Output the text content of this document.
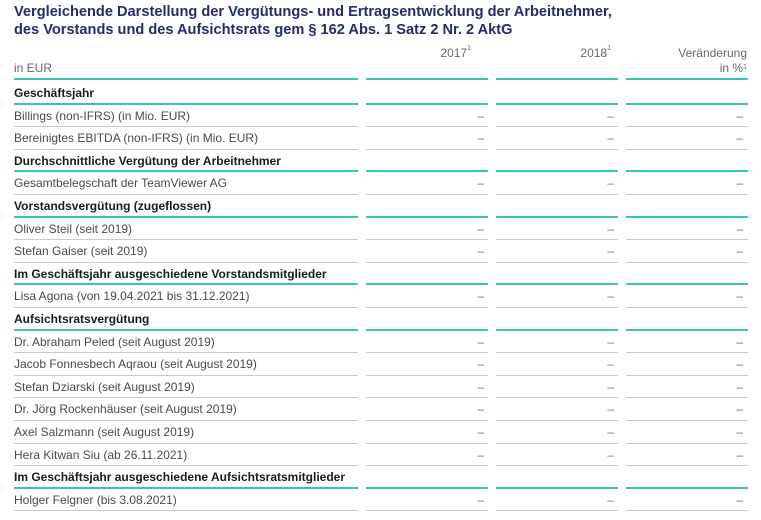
Vergleichende Darstellung der Vergütungs- und Ertragsentwicklung der Arbeitnehmer,
des Vorstands und des Aufsichtsrats gem § 162 Abs. 1 Satz 2 Nr. 2 AktG
in EUR
2017$^1$	2018$^1$	Veränderung
in %$^1$
Geschäftsjahr
Billings (non-IFRS) (in Mio. EUR)	–	–	–
Bereinigtes EBITDA (non-IFRS) (in Mio. EUR)	–	–	–
Durchschnittliche Vergütung der Arbeitnehmer
Gesamtbelegschaft der TeamViewer AG	–	–	–
Vorstandsvergütung (zugeflossen)
Oliver Steil (seit 2019)	–	–	–
Stefan Gaiser (seit 2019)	–	–	–
Im Geschäftsjahr ausgeschiedene Vorstandsmitglieder
Lisa Agona (von 19.04.2021 bis 31.12.2021)	–	–	–
Aufsichtsratsvergütung
Dr. Abraham Peled (seit August 2019)	–	–	–
Jacob Fonnesbech Aqraou (seit August 2019)	–	–	–
Stefan Dziarski (seit August 2019)	–	–	–
Dr. Jörg Rockenhäuser (seit August 2019)	–	–	–
Axel Salzmann (seit August 2019)	–	–	–
Hera Kitwan Siu (ab 26.11.2021)	–	–	–
Im Geschäftsjahr ausgeschiedene Aufsichtsratsmitglieder
Holger Felgner (bis 3.08.2021)	–	–	–
